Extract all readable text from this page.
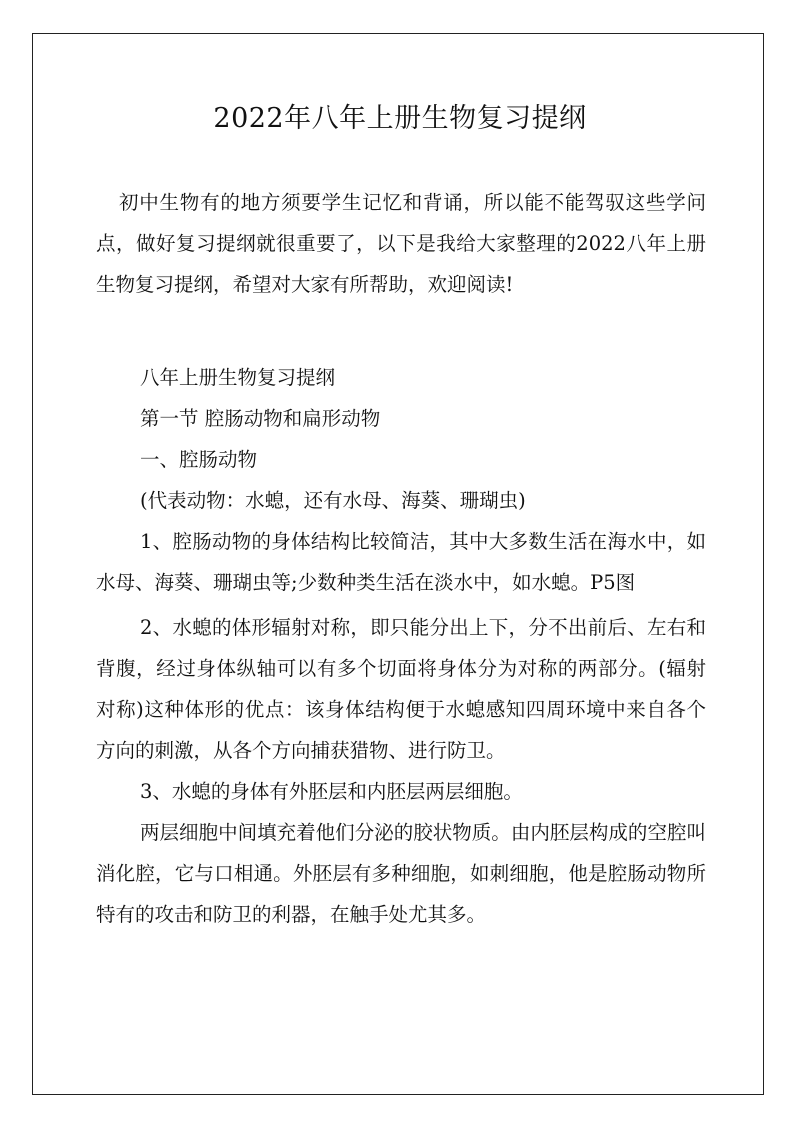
2022年八年上册生物复习提纲

初中生物有的地方须要学生记忆和背诵，所以能不能驾驭这些学问点，做好复习提纲就很重要了，以下是我给大家整理的2022八年上册生物复习提纲，希望对大家有所帮助，欢迎阅读!

八年上册生物复习提纲

第一节 腔肠动物和扁形动物

一、腔肠动物

(代表动物：水螅，还有水母、海葵、珊瑚虫)

1、腔肠动物的身体结构比较简洁，其中大多数生活在海水中，如水母、海葵、珊瑚虫等;少数种类生活在淡水中，如水螅。P5图

2、水螅的体形辐射对称，即只能分出上下，分不出前后、左右和背腹，经过身体纵轴可以有多个切面将身体分为对称的两部分。(辐射对称)这种体形的优点：该身体结构便于水螅感知四周环境中来自各个方向的刺激，从各个方向捕获猎物、进行防卫。

3、水螅的身体有外胚层和内胚层两层细胞。

两层细胞中间填充着他们分泌的胶状物质。由内胚层构成的空腔叫消化腔，它与口相通。外胚层有多种细胞，如刺细胞，他是腔肠动物所特有的攻击和防卫的利器，在触手处尤其多。
